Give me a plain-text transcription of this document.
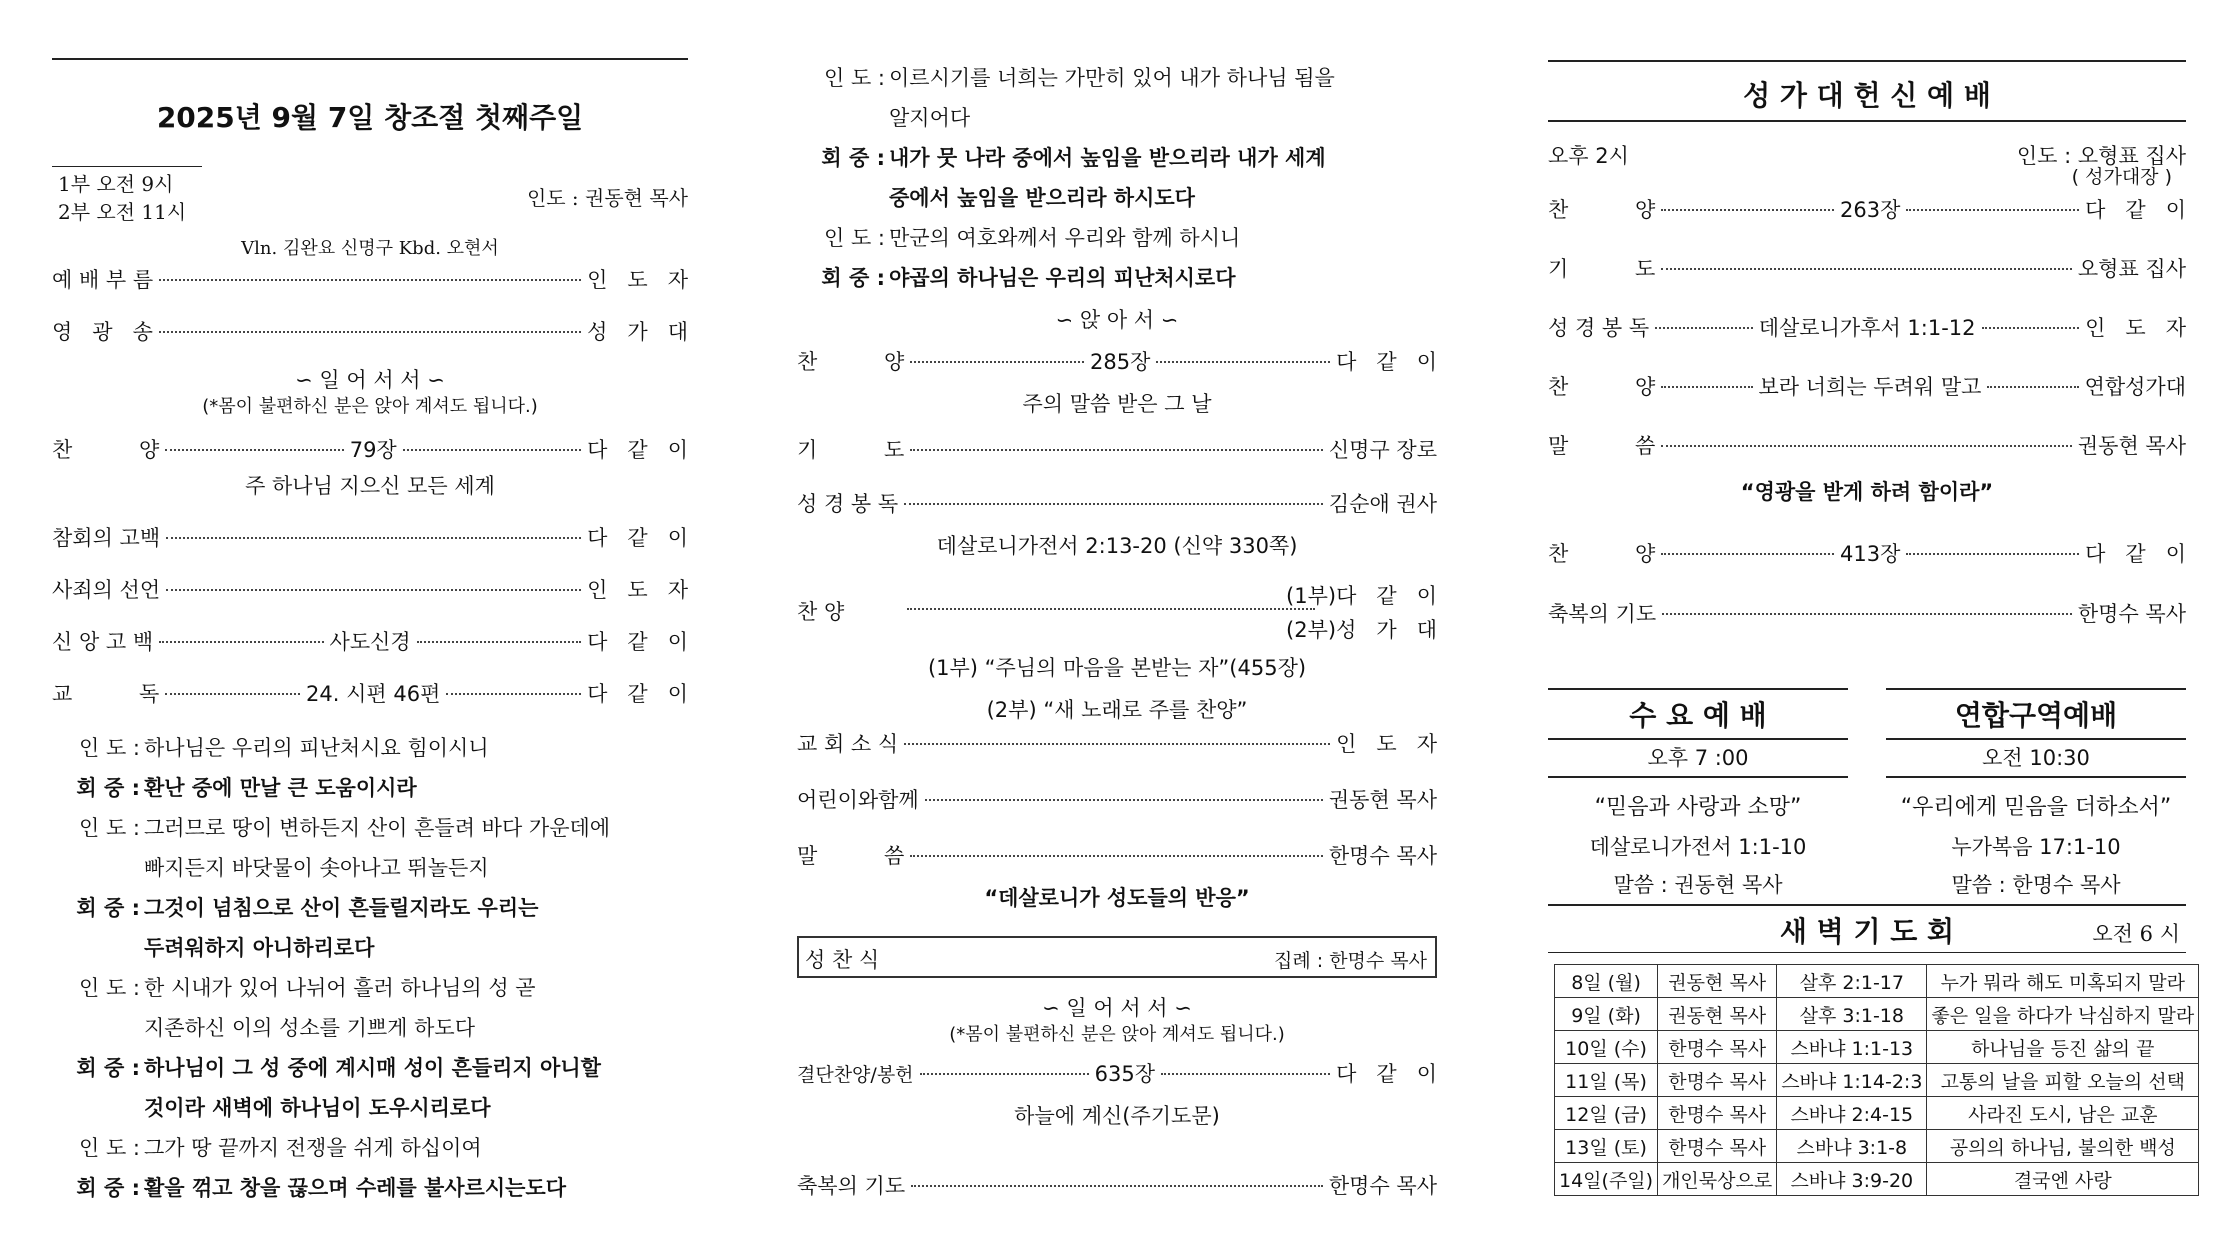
2025년 9월 7일 창조절 첫째주일
1부 오전 9시
2부 오전 11시
인도 : 권동현 목사
Vln. 김완요 신명구 Kbd. 오현서
예 배 부 름	인   도   자
영   광   송	성   가   대
∽ 일 어 서 서 ∽
(*몸이 불편하신 분은 앉아 계셔도 됩니다.)
찬          양	79장	다   같   이
주 하나님 지으신 모든 세계
참회의 고백	다   같   이
사죄의 선언	인   도   자
신 앙 고 백	사도신경	다   같   이
교          독	24. 시편 46편	다   같   이
인 도 : 하나님은 우리의 피난처시요 힘이시니
회 중 : 환난 중에 만날 큰 도움이시라
인 도 : 그러므로 땅이 변하든지 산이 흔들려 바다 가운데에
빠지든지 바닷물이 솟아나고 뛰놀든지
회 중 : 그것이 넘침으로 산이 흔들릴지라도 우리는
두려워하지 아니하리로다
인 도 : 한 시내가 있어 나뉘어 흘러 하나님의 성 곧
지존하신 이의 성소를 기쁘게 하도다
회 중 : 하나님이 그 성 중에 계시매 성이 흔들리지 아니할
것이라 새벽에 하나님이 도우시리로다
인 도 : 그가 땅 끝까지 전쟁을 쉬게 하십이여
회 중 : 활을 꺾고 창을 끊으며 수레를 불사르시는도다
인 도 : 이르시기를 너희는 가만히 있어 내가 하나님 됨을
알지어다
회 중 : 내가 뭇 나라 중에서 높임을 받으리라 내가 세계
중에서 높임을 받으리라 하시도다
인 도 : 만군의 여호와께서 우리와 함께 하시니
회 중 : 야곱의 하나님은 우리의 피난처시로다
∽ 앉 아 서 ∽
찬          양	285장	다   같   이
주의 말씀 받은 그 날
기          도	신명구 장로
성 경 봉 독	김순애 권사
데살로니가전서 2:13-20 (신약 330쪽)
찬 양
(1부)다   같   이
(2부)성   가   대
(1부) “주님의 마음을 본받는 자”(455장)
(2부) “새 노래로 주를 찬양”
교 회 소 식	인   도   자
어린이와함께	권동현 목사
말          씀	한명수 목사
“데살로니가 성도들의 반응”
성 찬 식	집례 : 한명수 목사
∽ 일 어 서 서 ∽
(*몸이 불편하신 분은 앉아 계셔도 됩니다.)
결단찬양/봉헌	635장	다   같   이
하늘에 계신(주기도문)
축복의 기도	한명수 목사
성 가 대 헌 신 예 배
오후 2시	인도 : 오형표 집사
( 성가대장 )
찬          양	263장	다   같   이
기          도	오형표 집사
성 경 봉 독	데살로니가후서 1:1-12	인   도   자
찬          양	보라 너희는 두려워 말고	연합성가대
말          씀	권동현 목사
“영광을 받게 하려 함이라”
찬          양	413장	다   같   이
축복의 기도	한명수 목사
수 요 예 배
오후 7 :00
“믿음과 사랑과 소망”
데살로니가전서 1:1-10
말씀 : 권동현 목사
연합구역예배
오전 10:30
“우리에게 믿음을 더하소서”
누가복음 17:1-10
말씀 : 한명수 목사
새 벽 기 도 회	오전 6 시
8일 (월)	권동현 목사	살후 2:1-17	누가 뭐라 해도 미혹되지 말라
9일 (화)	권동현 목사	살후 3:1-18	좋은 일을 하다가 낙심하지 말라
10일 (수)	한명수 목사	스바냐 1:1-13	하나님을 등진 삶의 끝
11일 (목)	한명수 목사	스바냐 1:14-2:3	고통의 날을 피할 오늘의 선택
12일 (금)	한명수 목사	스바냐 2:4-15	사라진 도시, 남은 교훈
13일 (토)	한명수 목사	스바냐 3:1-8	공의의 하나님, 불의한 백성
14일(주일)	개인묵상으로	스바냐 3:9-20	결국엔 사랑
